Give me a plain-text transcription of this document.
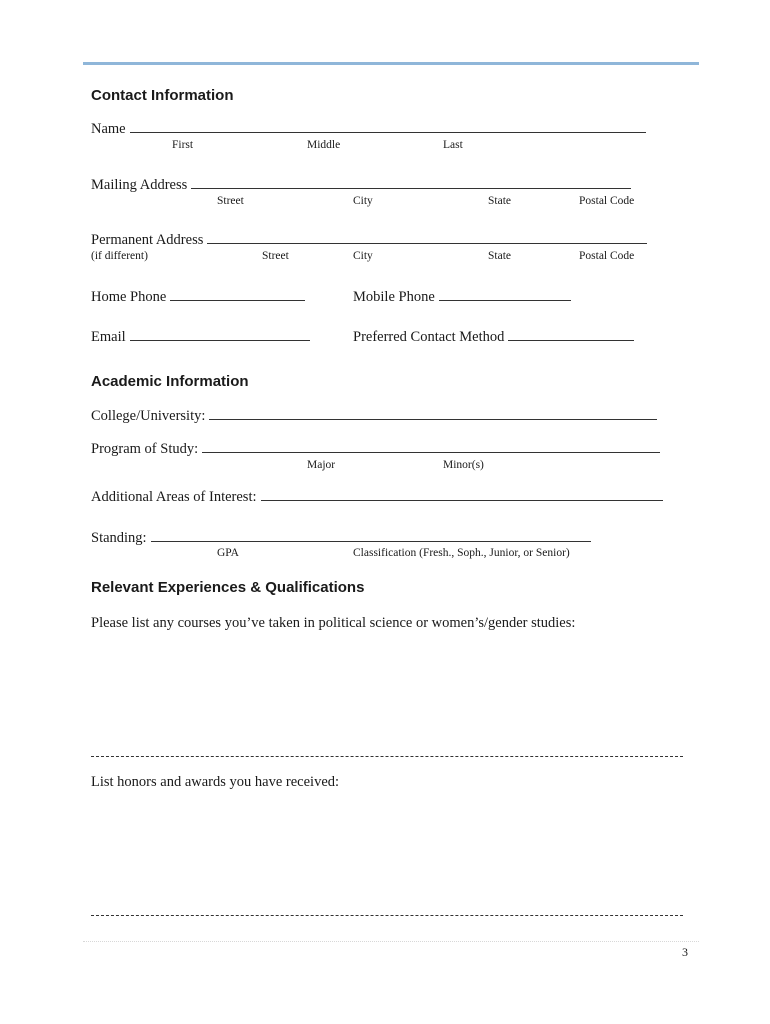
Contact Information
Name
First	Middle	Last
Mailing Address
Street	City	State	Postal Code
Permanent Address
(if different)	Street	City	State	Postal Code
Home Phone	Mobile Phone
Email	Preferred Contact Method
Academic Information
College/University:
Program of Study:
Major	Minor(s)
Additional Areas of Interest:
Standing:
GPA	Classification (Fresh., Soph., Junior, or Senior)
Relevant Experiences & Qualifications
Please list any courses you’ve taken in political science or women’s/gender studies:
List honors and awards you have received:
3
